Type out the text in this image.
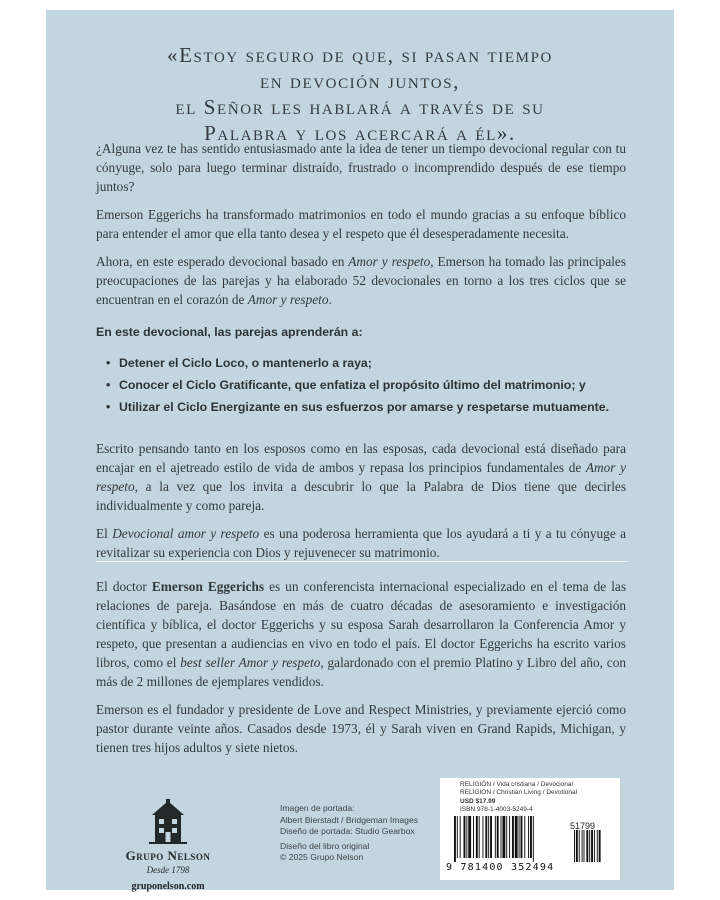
«Estoy seguro de que, si pasan tiempo
en devoción juntos,
el Señor les hablará a través de su
Palabra y los acercará a él».

¿Alguna vez te has sentido entusiasmado ante la idea de tener un tiempo devocional regular con tu cónyuge, solo para luego terminar distraído, frustrado o incomprendido después de ese tiempo juntos?

Emerson Eggerichs ha transformado matrimonios en todo el mundo gracias a su enfoque bíblico para entender el amor que ella tanto desea y el respeto que él desesperadamente necesita.

Ahora, en este esperado devocional basado en Amor y respeto, Emerson ha tomado las principales preocupaciones de las parejas y ha elaborado 52 devocionales en torno a los tres ciclos que se encuentran en el corazón de Amor y respeto.

En este devocional, las parejas aprenderán a:

• Detener el Ciclo Loco, o mantenerlo a raya;
• Conocer el Ciclo Gratificante, que enfatiza el propósito último del matrimonio; y
• Utilizar el Ciclo Energizante en sus esfuerzos por amarse y respetarse mutuamente.

Escrito pensando tanto en los esposos como en las esposas, cada devocional está diseñado para encajar en el ajetreado estilo de vida de ambos y repasa los principios fundamentales de Amor y respeto, a la vez que los invita a descubrir lo que la Palabra de Dios tiene que decirles individualmente y como pareja.

El Devocional amor y respeto es una poderosa herramienta que los ayudará a ti y a tu cónyuge a revitalizar su experiencia con Dios y rejuvenecer su matrimonio.

El doctor Emerson Eggerichs es un conferencista internacional especializado en el tema de las relaciones de pareja. Basándose en más de cuatro décadas de asesoramiento e investigación científica y bíblica, el doctor Eggerichs y su esposa Sarah desarrollaron la Conferencia Amor y respeto, que presentan a audiencias en vivo en todo el país. El doctor Eggerichs ha escrito varios libros, como el best seller Amor y respeto, galardonado con el premio Platino y Libro del año, con más de 2 millones de ejemplares vendidos.

Emerson es el fundador y presidente de Love and Respect Ministries, y previamente ejerció como pastor durante veinte años. Casados desde 1973, él y Sarah viven en Grand Rapids, Michigan, y tienen tres hijos adultos y siete nietos.

Grupo Nelson
Desde 1798
gruponelson.com
Imagen de portada:
Albert Bierstadt / Bridgeman Images
Diseño de portada: Studio Gearbox
Diseño del libro original
© 2025 Grupo Nelson
RELIGIÓN / Vida cristiana / Devocional
RELIGION / Christian Living / Devotional
USD $17.99
ISBN 978-1-4003-5249-4
51799
9 781400 352494
